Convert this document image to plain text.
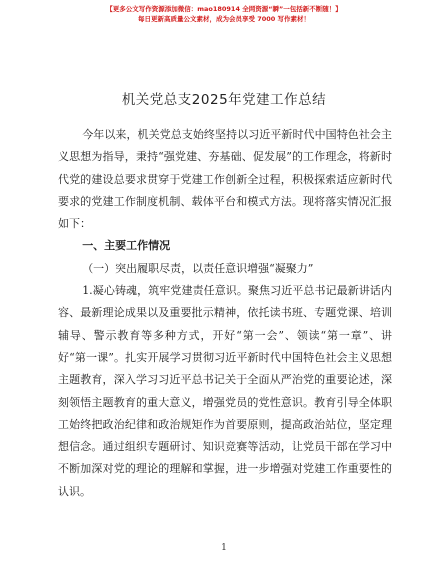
【更多公文写作资源添加微信：mao180914 全网资源“瞬”一包括新不断随！】
每日更新高质量公文素材，成为会员享受 7000 写作素材！
机关党总支2025年党建工作总结

今年以来，机关党总支始终坚持以习近平新时代中国特色社会主义思想为指导，秉持“强党建、夯基础、促发展”的工作理念，将新时代党的建设总要求贯穿于党建工作创新全过程，积极探索适应新时代要求的党建工作制度机制、载体平台和模式方法。现将落实情况汇报如下：

一、主要工作情况

（一）突出履职尽责，以责任意识增强“凝聚力”

1.凝心铸魂，筑牢党建责任意识。聚焦习近平总书记最新讲话内容、最新理论成果以及重要批示精神，依托读书班、专题党课、培训辅导、警示教育等多种方式，开好“第一会”、领读“第一章”、讲好“第一课”。扎实开展学习贯彻习近平新时代中国特色社会主义思想主题教育，深入学习习近平总书记关于全面从严治党的重要论述，深刻领悟主题教育的重大意义，增强党员的党性意识。教育引导全体职工始终把政治纪律和政治规矩作为首要原则，提高政治站位，坚定理想信念。通过组织专题研讨、知识竞赛等活动，让党员干部在学习中不断加深对党的理论的理解和掌握，进一步增强对党建工作重要性的认识。

1
